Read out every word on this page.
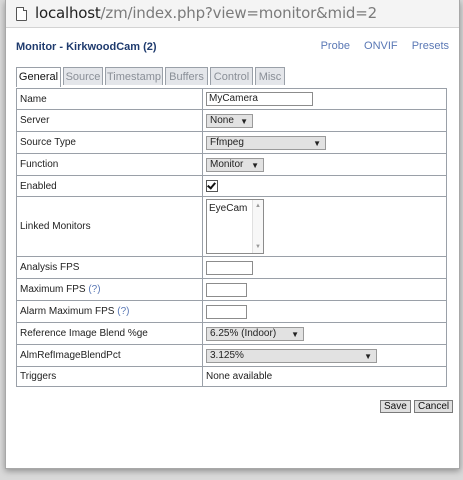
localhost/zm/index.php?view=monitor&mid=2
Monitor - KirkwoodCam (2)	Probe ONVIF Presets
General Source Timestamp Buffers Control Misc
Name	MyCamera
Server	None ▼

Source Type	Ffmpeg ▼

Function	Monitor ▼

Enabled	
Linked Monitors	EyeCam ▲
▼

Analysis FPS	
Maximum FPS (?)	
Alarm Maximum FPS (?)	
Reference Image Blend %ge	6.25% (Indoor) ▼

AlmRefImageBlendPct	3.125% ▼

Triggers	None available
Save	Cancel
